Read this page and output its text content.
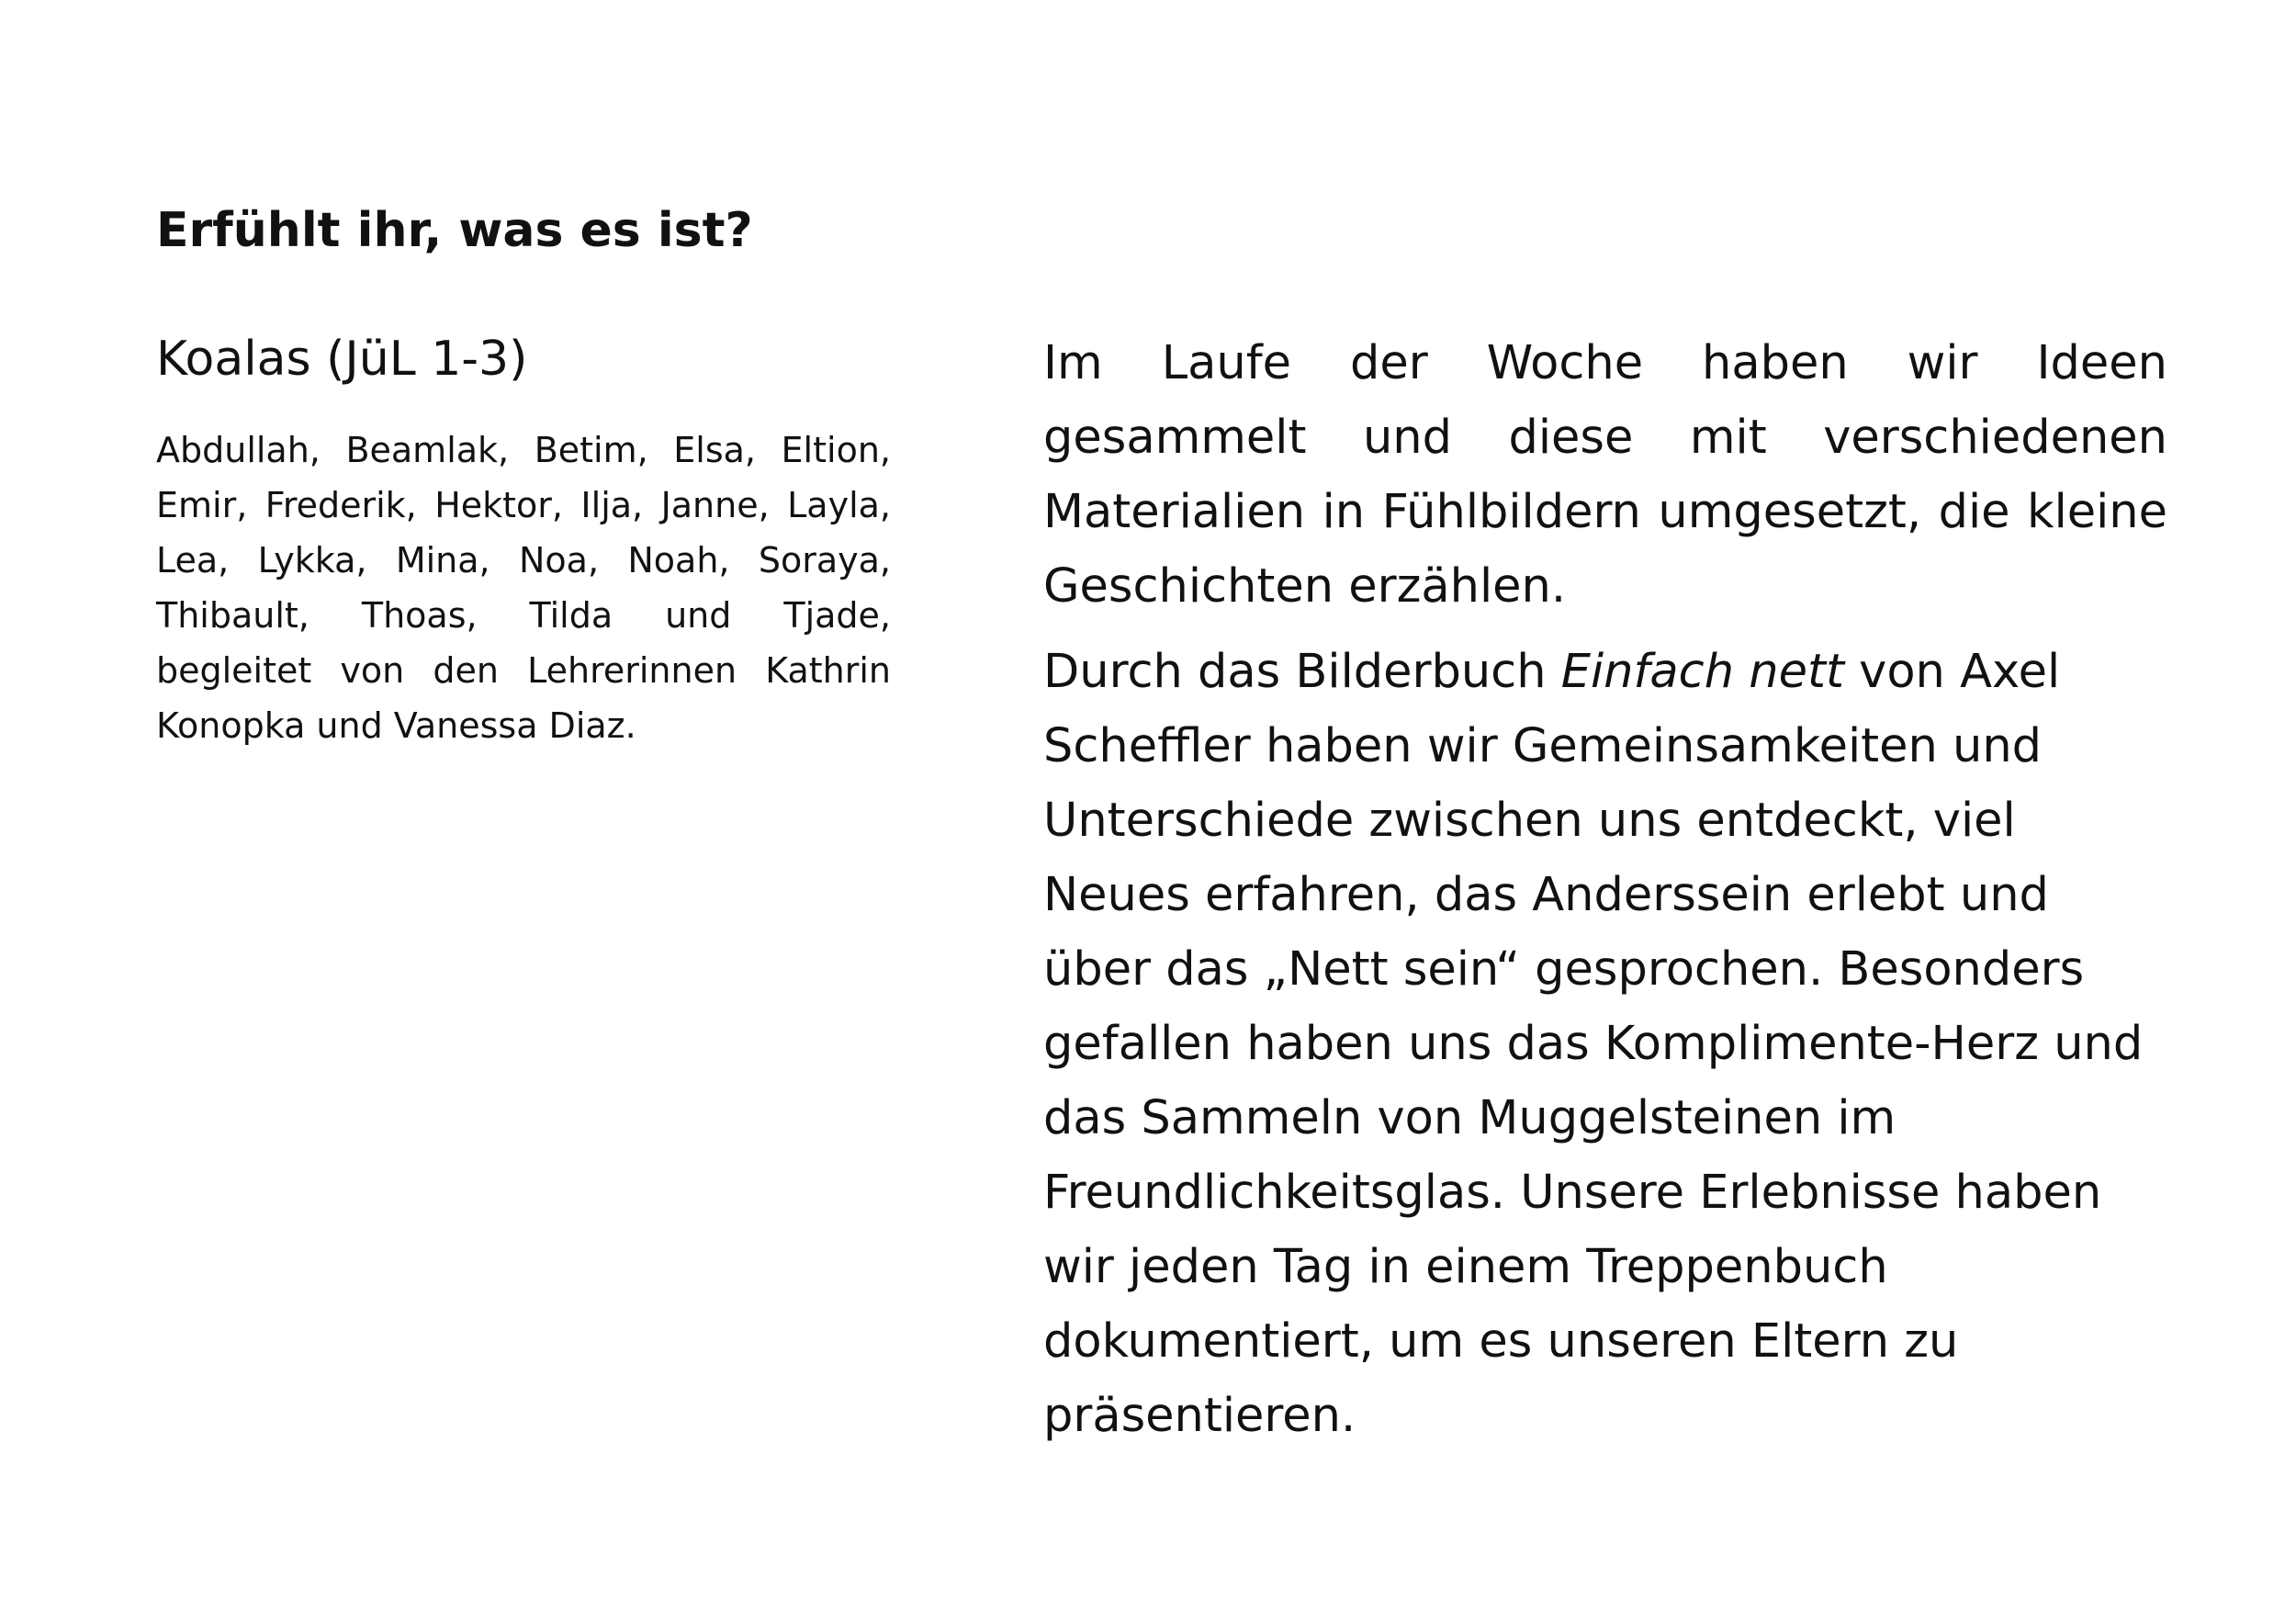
Erfühlt ihr, was es ist?
Koalas (JüL 1-3)

Abdullah, Beamlak, Betim, Elsa, Eltion, Emir, Frederik, Hektor, Ilja, Janne, Layla, Lea, Lykka, Mina, Noa, Noah, Soraya, Thibault, Thoas, Tilda und Tjade, begleitet von den Lehrerinnen Kathrin Konopka und Vanessa Diaz.

Im Laufe der Woche haben wir Ideen gesammelt und diese mit verschiedenen Materialien in Fühlbildern umgesetzt, die kleine Geschichten erzählen.

Durch das Bilderbuch Einfach nett von Axel Scheffler haben wir Gemeinsamkeiten und Unterschiede zwischen uns entdeckt, viel Neues erfahren, das Anderssein erlebt und über das „Nett sein“ gesprochen. Besonders gefallen haben uns das Komplimente-Herz und das Sammeln von Muggelsteinen im Freundlichkeitsglas. Unsere Erlebnisse haben wir jeden Tag in einem Treppenbuch dokumentiert, um es unseren Eltern zu präsentieren.
